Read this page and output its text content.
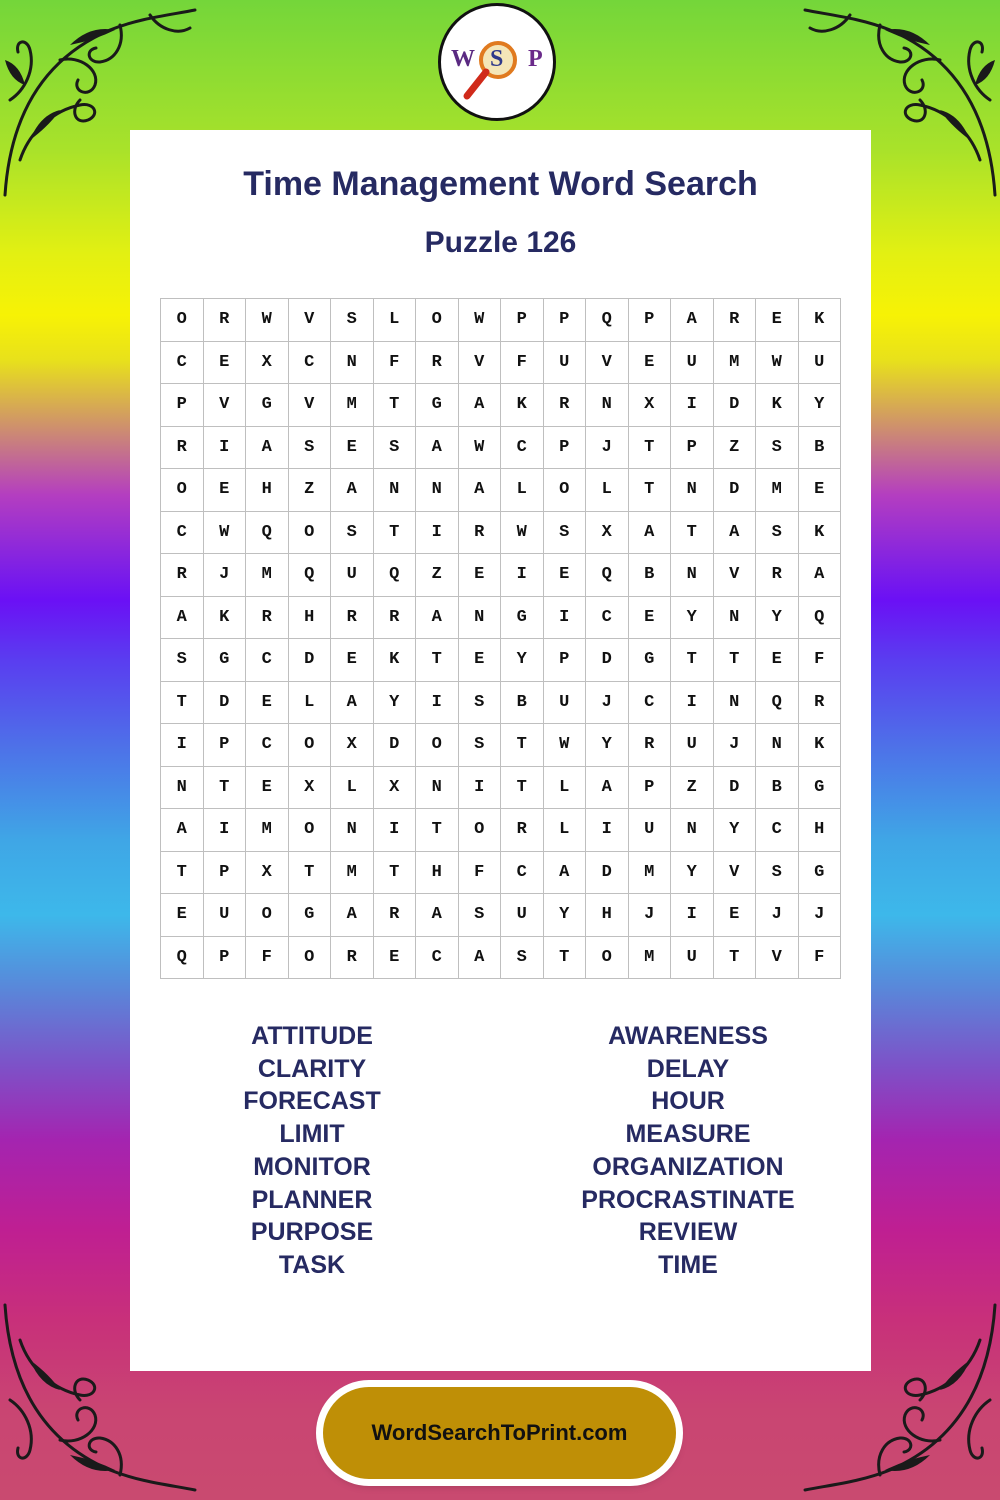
W S P
Time Management Word Search
Puzzle 126
O	R	W	V	S	L	O	W	P	P	Q	P	A	R	E	K
C	E	X	C	N	F	R	V	F	U	V	E	U	M	W	U
P	V	G	V	M	T	G	A	K	R	N	X	I	D	K	Y
R	I	A	S	E	S	A	W	C	P	J	T	P	Z	S	B
O	E	H	Z	A	N	N	A	L	O	L	T	N	D	M	E
C	W	Q	O	S	T	I	R	W	S	X	A	T	A	S	K
R	J	M	Q	U	Q	Z	E	I	E	Q	B	N	V	R	A
A	K	R	H	R	R	A	N	G	I	C	E	Y	N	Y	Q
S	G	C	D	E	K	T	E	Y	P	D	G	T	T	E	F
T	D	E	L	A	Y	I	S	B	U	J	C	I	N	Q	R
I	P	C	O	X	D	O	S	T	W	Y	R	U	J	N	K
N	T	E	X	L	X	N	I	T	L	A	P	Z	D	B	G
A	I	M	O	N	I	T	O	R	L	I	U	N	Y	C	H
T	P	X	T	M	T	H	F	C	A	D	M	Y	V	S	G
E	U	O	G	A	R	A	S	U	Y	H	J	I	E	J	J
Q	P	F	O	R	E	C	A	S	T	O	M	U	T	V	F
ATTITUDE
CLARITY
FORECAST
LIMIT
MONITOR
PLANNER
PURPOSE
TASK
AWARENESS
DELAY
HOUR
MEASURE
ORGANIZATION
PROCRASTINATE
REVIEW
TIME
WordSearchToPrint.com
